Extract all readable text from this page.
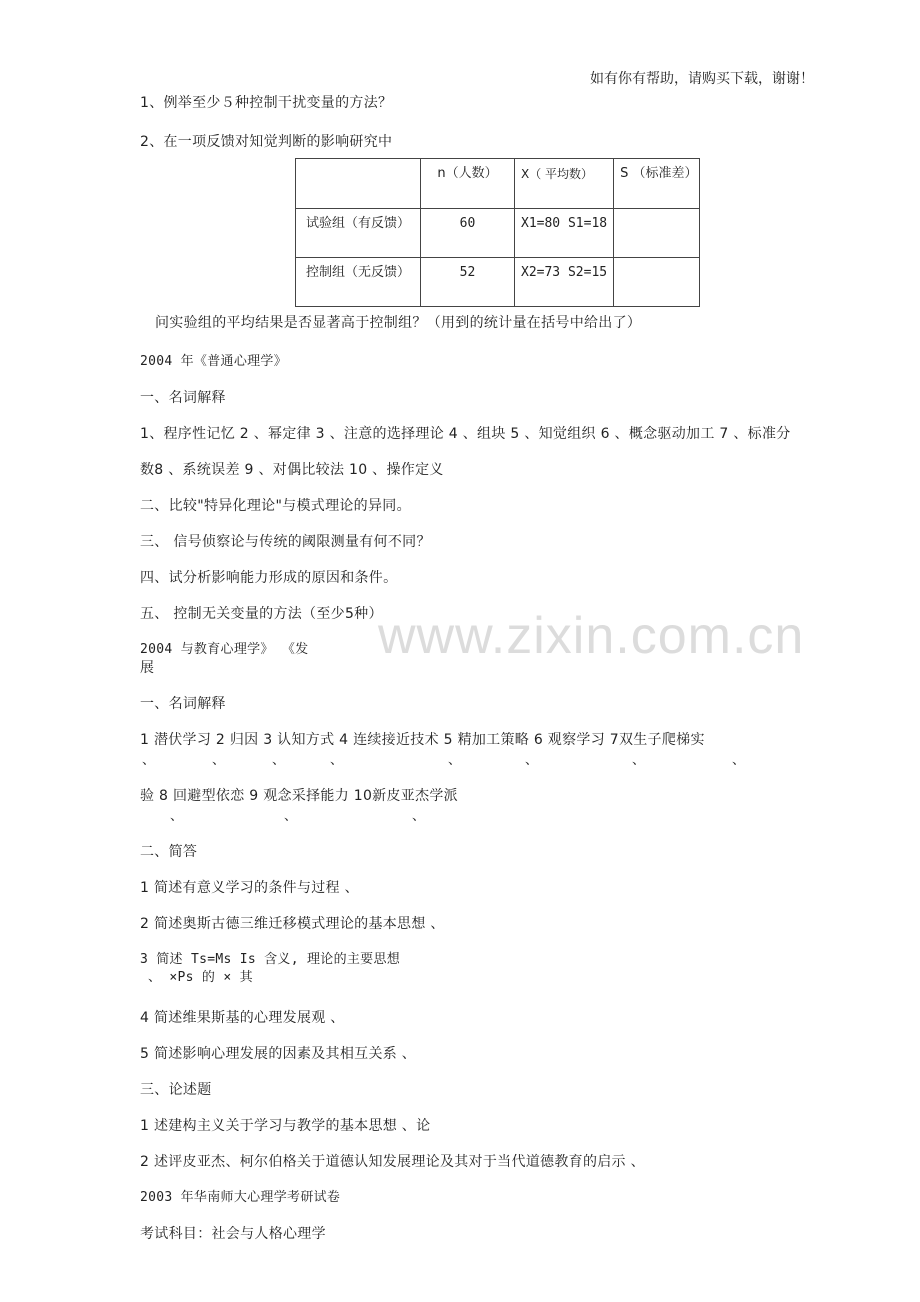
如有你有帮助，请购买下载，谢谢！
www.zixin.com.cn
1、例举至少５种控制干扰变量的方法？
2、在一项反馈对知觉判断的影响研究中
	n（人数）	X（ 平均数）	S （标准差）
试验组（有反馈）	60	X1=80 S1=18	
控制组（无反馈）	52	X2=73 S2=15	
问实验组的平均结果是否显著高于控制组？（用到的统计量在括号中给出了）
2004 年《普通心理学》
一、名词解释
1、程序性记忆 2 、幂定律 3 、注意的选择理论 4 、组块 5 、知觉组织 6 、概念驱动加工 7 、标准分
数8 、系统误差 9 、对偶比较法 10 、操作定义
二、比较"特异化理论"与模式理论的异同。
三、 信号侦察论与传统的阈限测量有何不同？
四、试分析影响能力形成的原因和条件。
五、 控制无关变量的方法（至少5种）
2004 与教育心理学》 《发
展
一、名词解释
1 潜伏学习 2 归因 3 认知方式 4 连续接近技术 5 精加工策略 6 观察学习 7双生子爬梯实
、	、	、	、	、	、	、	、
验 8 回避型依恋 9 观念采择能力 10新皮亚杰学派
、	、	、
二、简答
1 简述有意义学习的条件与过程 、
2 简述奥斯古德三维迁移模式理论的基本思想 、
3 简述 Ts=Ms Is 含义, 理论的主要思想
、 ×Ps 的 × 其
4 简述维果斯基的心理发展观 、
5 简述影响心理发展的因素及其相互关系 、
三、论述题
1 述建构主义关于学习与教学的基本思想 、论
2 述评皮亚杰、柯尔伯格关于道德认知发展理论及其对于当代道德教育的启示 、
2003 年华南师大心理学考研试卷
考试科目：社会与人格心理学
